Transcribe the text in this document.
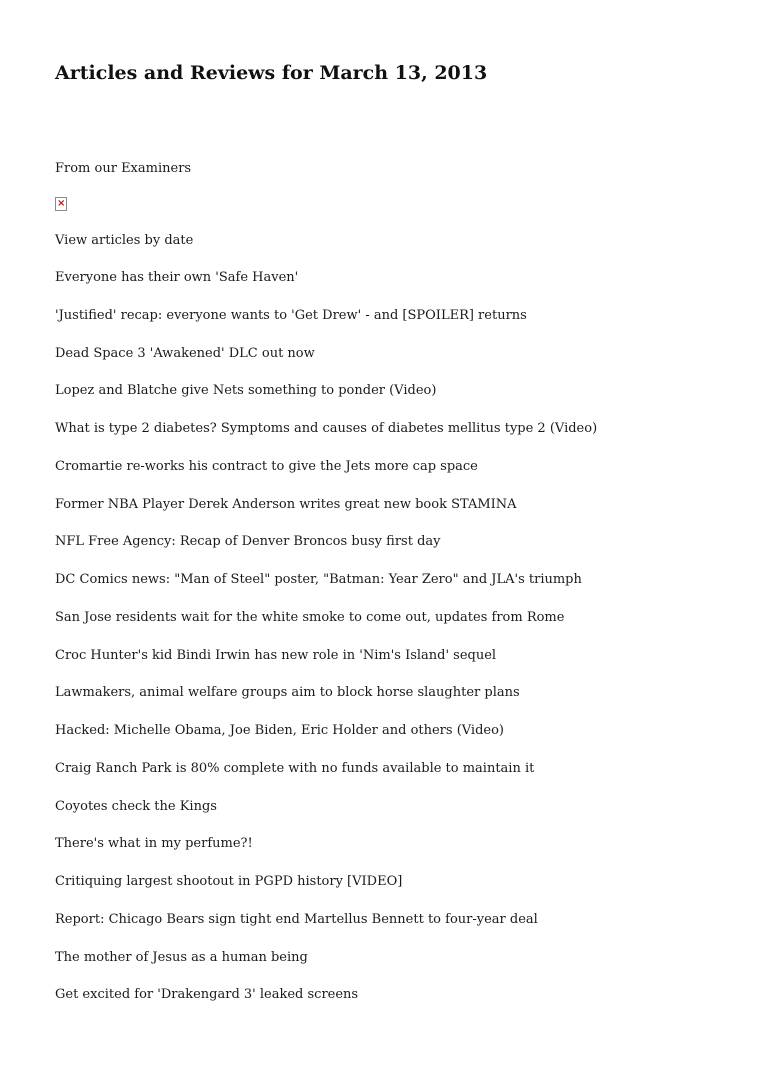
Articles and Reviews for March 13, 2013
From our Examiners
×
View articles by date
Everyone has their own 'Safe Haven'
'Justified' recap: everyone wants to 'Get Drew' - and [SPOILER] returns
Dead Space 3 'Awakened' DLC out now
Lopez and Blatche give Nets something to ponder (Video)
What is type 2 diabetes? Symptoms and causes of diabetes mellitus type 2 (Video)
Cromartie re-works his contract to give the Jets more cap space
Former NBA Player Derek Anderson writes great new book STAMINA
NFL Free Agency: Recap of Denver Broncos busy first day
DC Comics news: "Man of Steel" poster, "Batman: Year Zero" and JLA's triumph
San Jose residents wait for the white smoke to come out, updates from Rome
Croc Hunter's kid Bindi Irwin has new role in 'Nim's Island' sequel
Lawmakers, animal welfare groups aim to block horse slaughter plans
Hacked: Michelle Obama, Joe Biden, Eric Holder and others (Video)
Craig Ranch Park is 80% complete with no funds available to maintain it
Coyotes check the Kings
There's what in my perfume?!
Critiquing largest shootout in PGPD history [VIDEO]
Report: Chicago Bears sign tight end Martellus Bennett to four-year deal
The mother of Jesus as a human being
Get excited for 'Drakengard 3' leaked screens
